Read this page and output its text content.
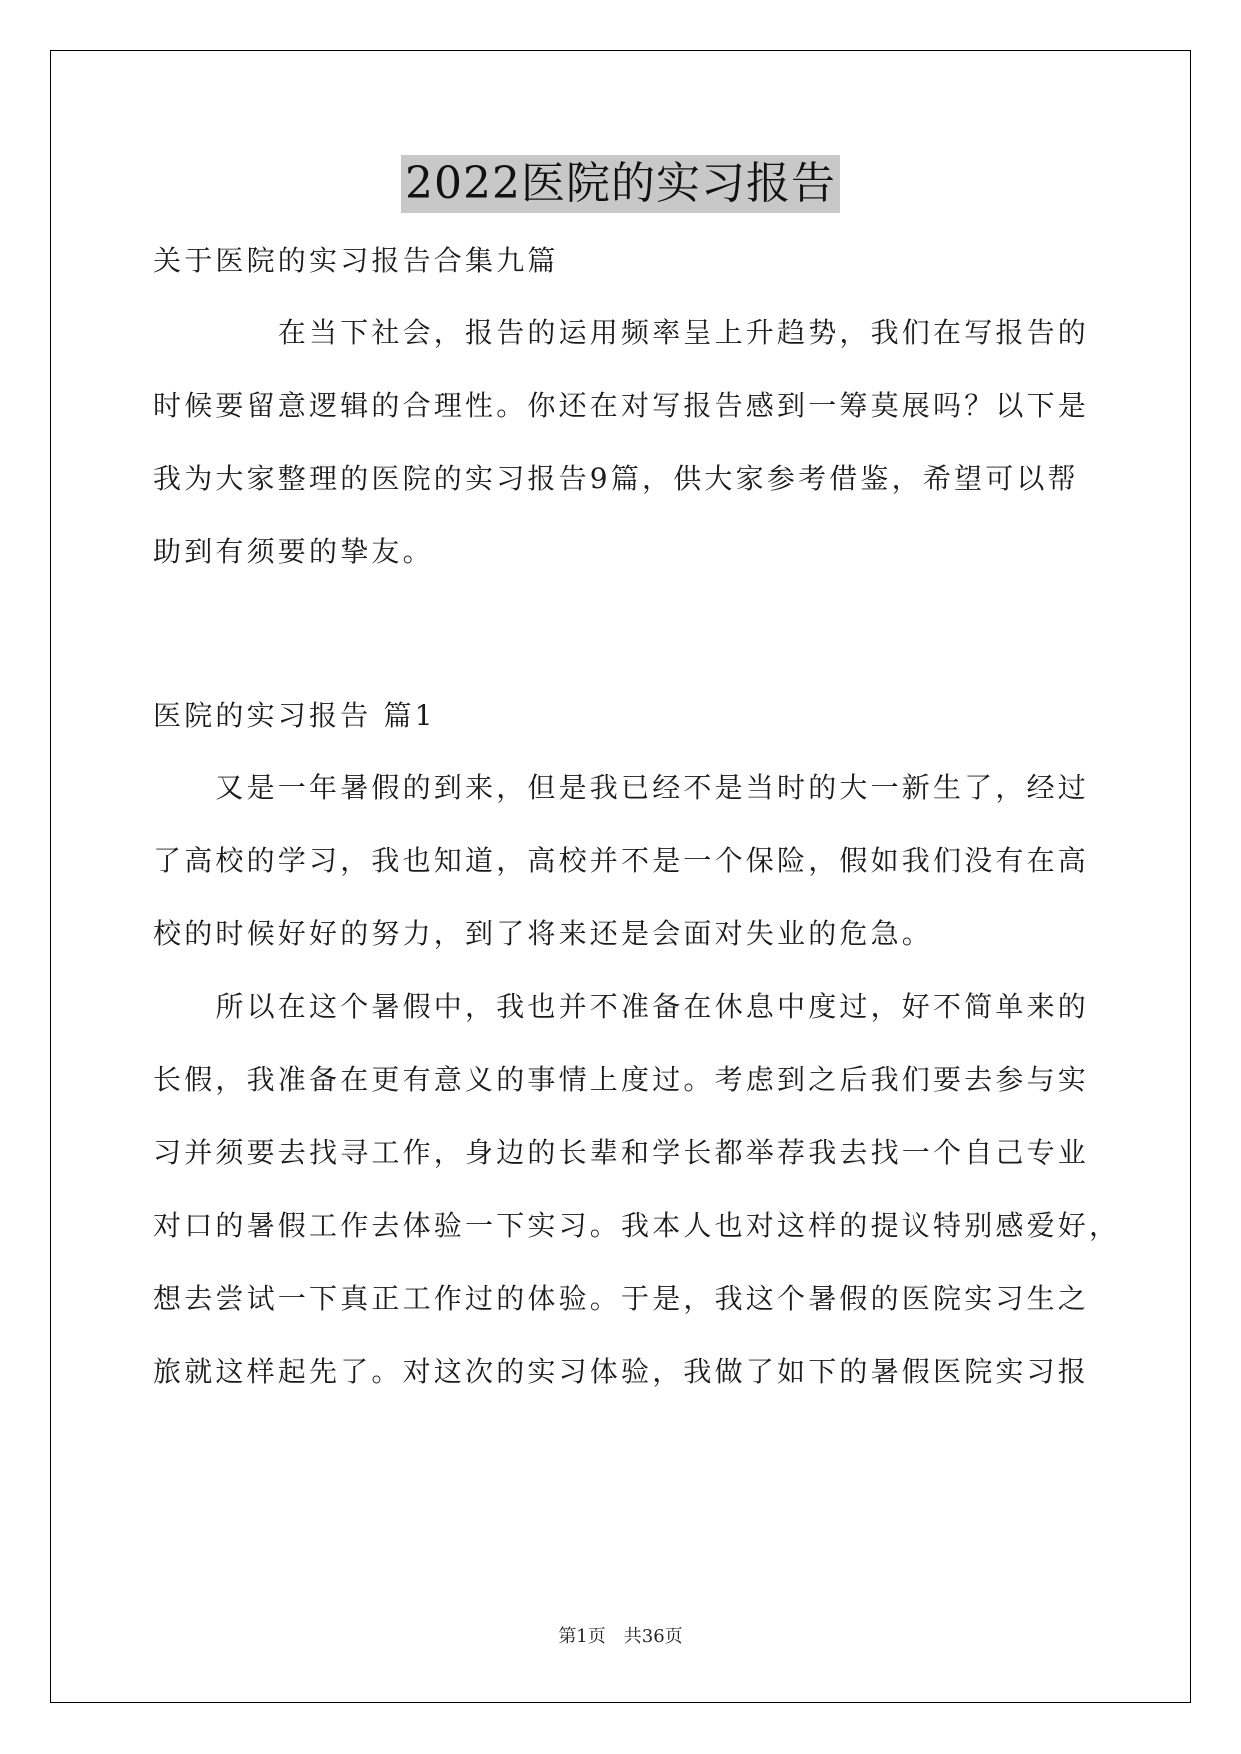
2022医院的实习报告
关于医院的实习报告合集九篇
　　　　在当下社会，报告的运用频率呈上升趋势，我们在写报告的
时候要留意逻辑的合理性。你还在对写报告感到一筹莫展吗？以下是
我为大家整理的医院的实习报告9篇，供大家参考借鉴，希望可以帮
助到有须要的挚友。
医院的实习报告 篇1
　　又是一年暑假的到来，但是我已经不是当时的大一新生了，经过
了高校的学习，我也知道，高校并不是一个保险，假如我们没有在高
校的时候好好的努力，到了将来还是会面对失业的危急。
　　所以在这个暑假中，我也并不准备在休息中度过，好不简单来的
长假，我准备在更有意义的事情上度过。考虑到之后我们要去参与实
习并须要去找寻工作，身边的长辈和学长都举荐我去找一个自己专业
对口的暑假工作去体验一下实习。我本人也对这样的提议特别感爱好，
想去尝试一下真正工作过的体验。于是，我这个暑假的医院实习生之
旅就这样起先了。对这次的实习体验，我做了如下的暑假医院实习报
第1页　共36页
